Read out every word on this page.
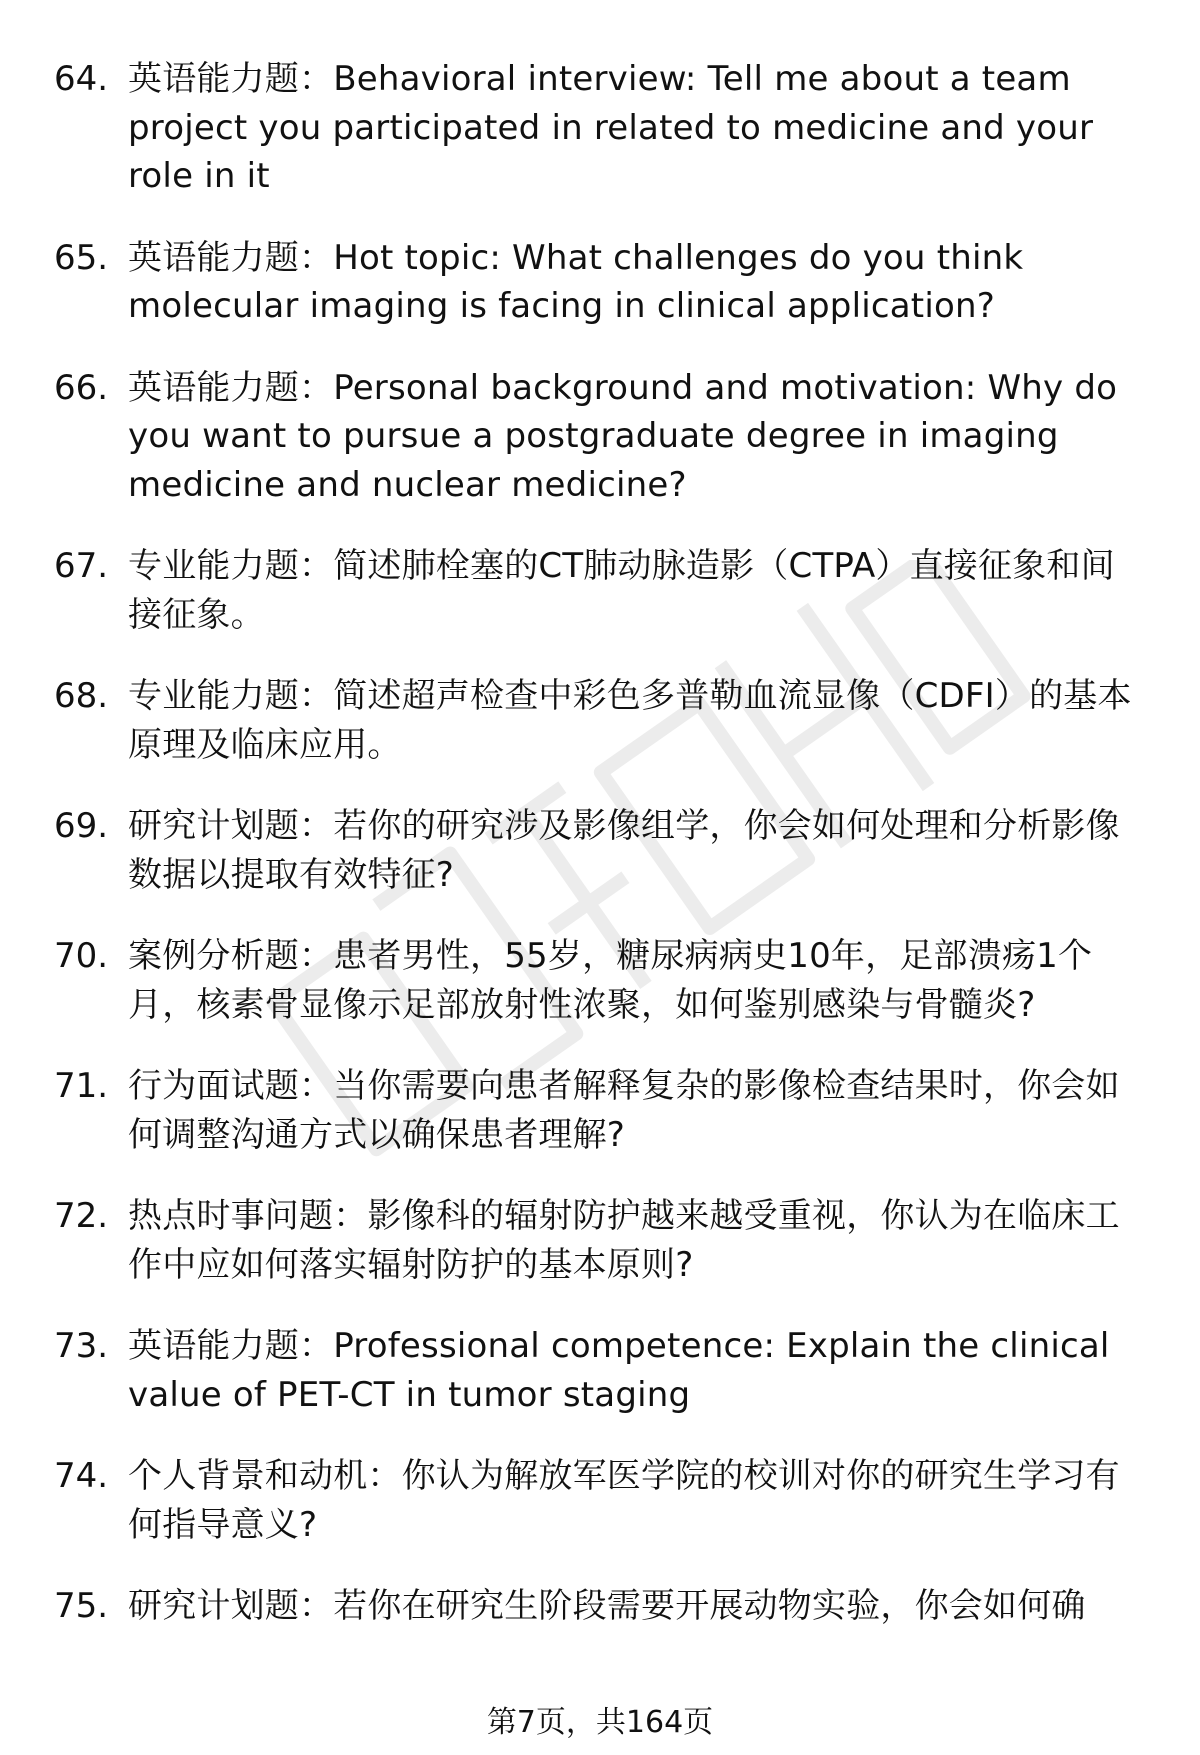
64. 英语能力题：Behavioral interview: Tell me about a team project you participated in related to medicine and your role in it
65. 英语能力题：Hot topic: What challenges do you think molecular imaging is facing in clinical application?
66. 英语能力题：Personal background and motivation: Why do you want to pursue a postgraduate degree in imaging medicine and nuclear medicine?
67. 专业能力题：简述肺栓塞的CT肺动脉造影（CTPA）直接征象和间接征象。
68. 专业能力题：简述超声检查中彩色多普勒血流显像（CDFI）的基本原理及临床应用。
69. 研究计划题：若你的研究涉及影像组学，你会如何处理和分析影像数据以提取有效特征?
70. 案例分析题：患者男性，55岁，糖尿病病史10年，足部溃疡1个月，核素骨显像示足部放射性浓聚，如何鉴别感染与骨髓炎?
71. 行为面试题：当你需要向患者解释复杂的影像检查结果时，你会如何调整沟通方式以确保患者理解?
72. 热点时事问题：影像科的辐射防护越来越受重视，你认为在临床工作中应如何落实辐射防护的基本原则?
73. 英语能力题：Professional competence: Explain the clinical value of PET-CT in tumor staging
74. 个人背景和动机：你认为解放军医学院的校训对你的研究生学习有何指导意义?
75. 研究计划题：若你在研究生阶段需要开展动物实验，你会如何确
第7页，共164页
